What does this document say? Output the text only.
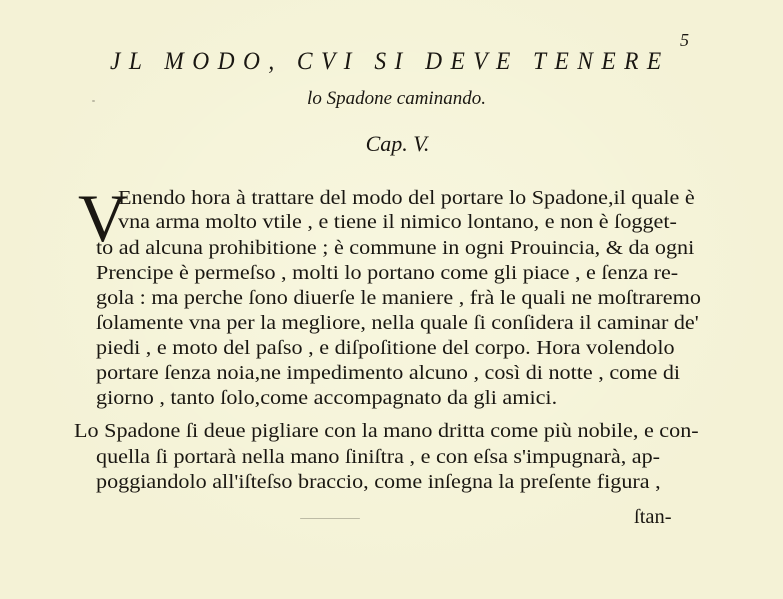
5
JL MODO, CVI SI DEVE TENERE
lo Spadone caminando.
Cap. V.
V
Enendo hora à trattare del modo del portare lo Spadone,il quale è
vna arma molto vtile , e tiene il nimico lontano, e non è ſogget-
to ad alcuna prohibitione ; è commune in ogni Prouincia, & da ogni
Prencipe è permeſso , molti lo portano come gli piace , e ſenza re-
gola : ma perche ſono diuerſe le maniere , frà le quali ne moſtraremo
ſolamente vna per la megliore, nella quale ſi conſidera il caminar de'
piedi , e moto del paſso , e diſpoſitione del corpo. Hora volendolo
portare ſenza noia,ne impedimento alcuno , così di notte , come di
giorno , tanto ſolo,come accompagnato da gli amici.
Lo Spadone ſi deue pigliare con la mano dritta come più nobile, e con-
quella ſi portarà nella mano ſiniſtra , e con eſsa s'impugnarà, ap-
poggiandolo all'iſteſso braccio, come inſegna la preſente figura ,
ſtan-
